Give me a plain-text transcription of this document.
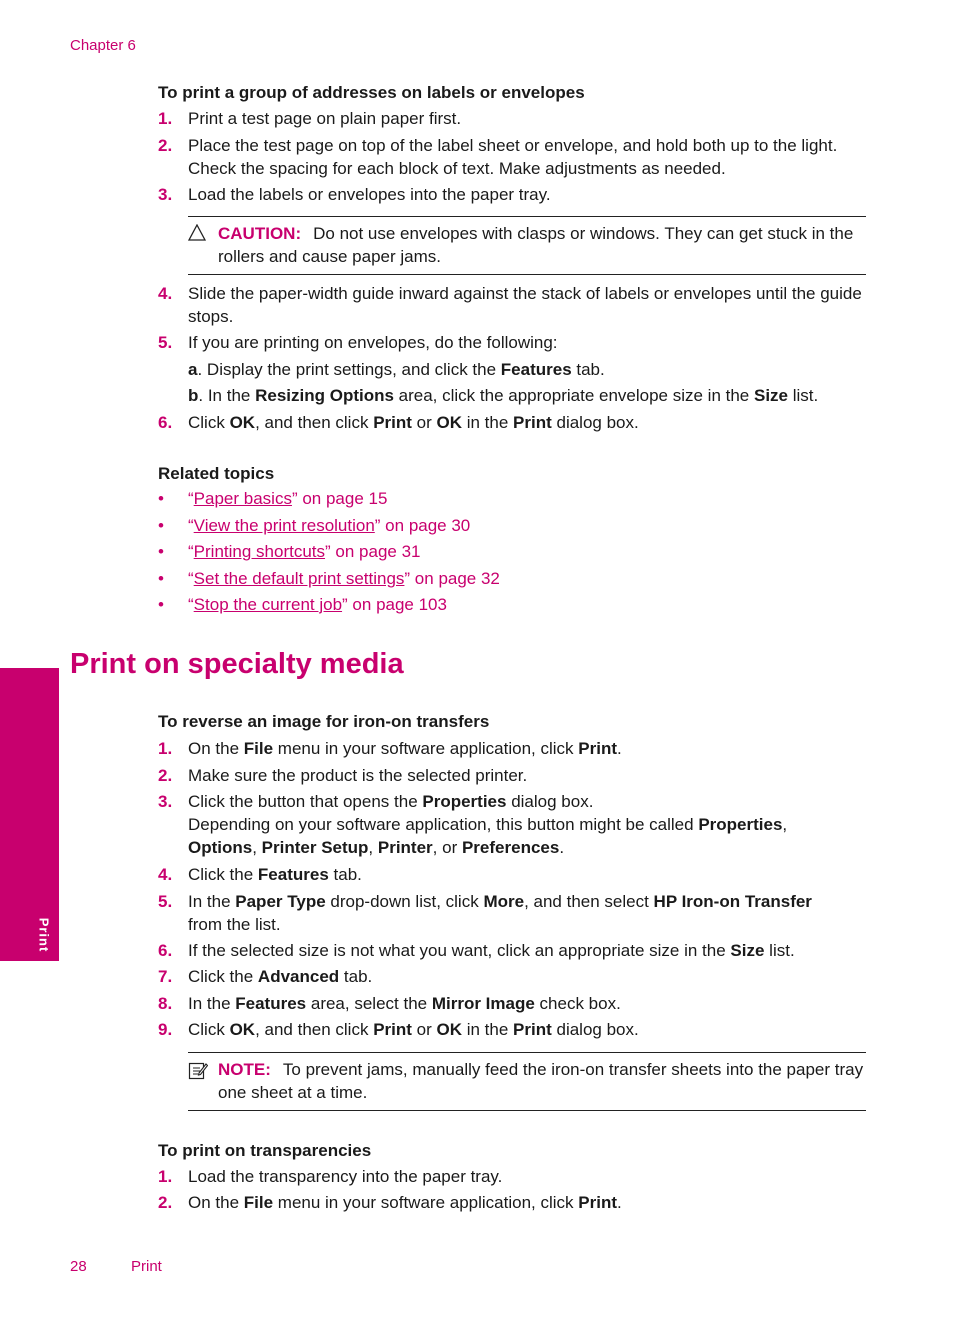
Chapter 6
Print
To print a group of addresses on labels or envelopes
1. Print a test page on plain paper first.
2. Place the test page on top of the label sheet or envelope, and hold both up to the light. Check the spacing for each block of text. Make adjustments as needed.
3. Load the labels or envelopes into the paper tray.
CAUTION: Do not use envelopes with clasps or windows. They can get stuck in the rollers and cause paper jams.
4. Slide the paper-width guide inward against the stack of labels or envelopes until the guide stops.
5. If you are printing on envelopes, do the following:
a. Display the print settings, and click the Features tab.
b. In the Resizing Options area, click the appropriate envelope size in the Size list.
6. Click OK, and then click Print or OK in the Print dialog box.
Related topics
• “Paper basics” on page 15
• “View the print resolution” on page 30
• “Printing shortcuts” on page 31
• “Set the default print settings” on page 32
• “Stop the current job” on page 103
Print on specialty media
To reverse an image for iron-on transfers
1. On the File menu in your software application, click Print.
2. Make sure the product is the selected printer.
3. Click the button that opens the Properties dialog box.
Depending on your software application, this button might be called Properties,
Options, Printer Setup, Printer, or Preferences.
4. Click the Features tab.
5. In the Paper Type drop-down list, click More, and then select HP Iron-on Transfer
from the list.
6. If the selected size is not what you want, click an appropriate size in the Size list.
7. Click the Advanced tab.
8. In the Features area, select the Mirror Image check box.
9. Click OK, and then click Print or OK in the Print dialog box.
NOTE: To prevent jams, manually feed the iron-on transfer sheets into the paper tray one sheet at a time.
To print on transparencies
1. Load the transparency into the paper tray.
2. On the File menu in your software application, click Print.
28	Print
